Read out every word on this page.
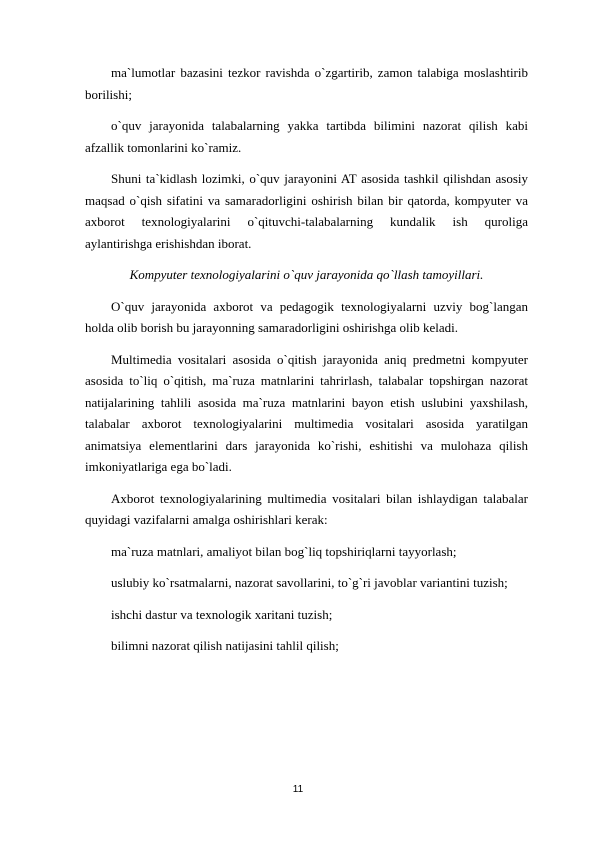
ma`lumotlar bazasini tezkor ravishda o`zgartirib, zamon talabiga moslashtirib borilishi;

o`quv jarayonida talabalarning yakka tartibda bilimini nazorat qilish kabi afzallik tomonlarini ko`ramiz.

Shuni ta`kidlash lozimki, o`quv jarayonini AT asosida tashkil qilishdan asosiy maqsad o`qish sifatini va samaradorligini oshirish bilan bir qatorda, kompyuter va axborot texnologiyalarini o`qituvchi-talabalarning kundalik ish quroliga aylantirishga erishishdan iborat.

Kompyuter texnologiyalarini o`quv jarayonida qo`llash tamoyillari.

O`quv jarayonida axborot va pedagogik texnologiyalarni uzviy bog`langan holda olib borish bu jarayonning samaradorligini oshirishga olib keladi.

Multimedia vositalari asosida o`qitish jarayonida aniq predmetni kompyuter asosida to`liq o`qitish, ma`ruza matnlarini tahrirlash, talabalar topshirgan nazorat natijalarining tahlili asosida ma`ruza matnlarini bayon etish uslubini yaxshilash, talabalar axborot texnologiyalarini multimedia vositalari asosida yaratilgan animatsiya elementlarini dars jarayonida ko`rishi, eshitishi va mulohaza qilish imkoniyatlariga ega bo`ladi.

Axborot texnologiyalarining multimedia vositalari bilan ishlaydigan talabalar quyidagi vazifalarni amalga oshirishlari kerak:

ma`ruza matnlari, amaliyot bilan bog`liq topshiriqlarni tayyorlash;

uslubiy ko`rsatmalarni, nazorat savollarini, to`g`ri javoblar variantini tuzish;

ishchi dastur va texnologik xaritani tuzish;

bilimni nazorat qilish natijasini tahlil qilish;

11
